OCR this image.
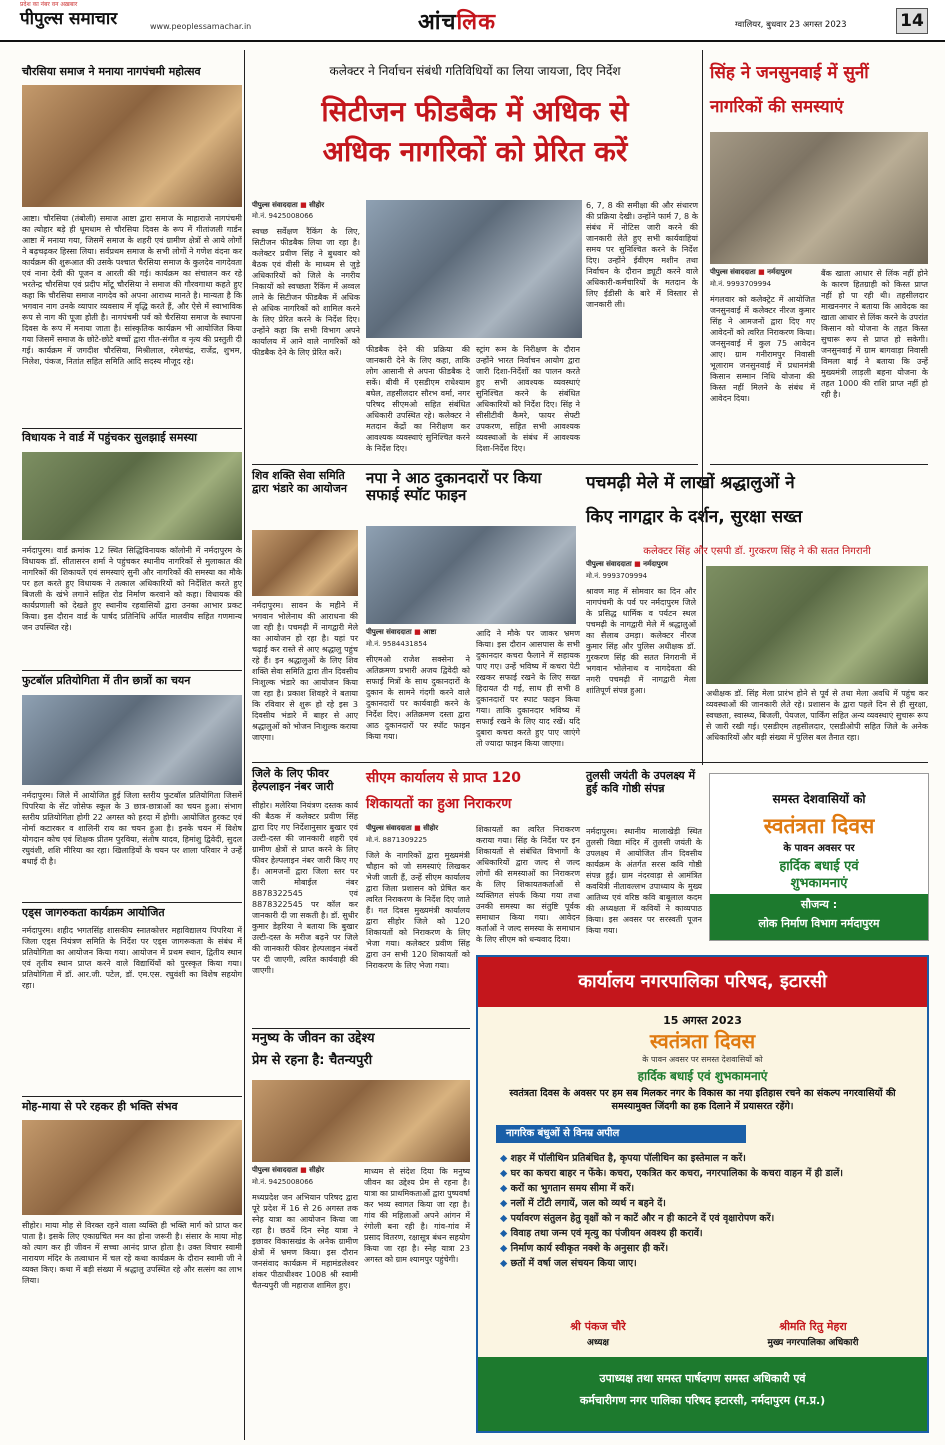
प्रदेश का नंबर वन अख़बार
पीपुल्स समाचार	www.peoplessamachar.in	आंचलिक	ग्वालियर, बुधवार 23 अगस्त 2023	14
चौरसिया समाज ने मनाया नागपंचमी महोत्सव
आष्टा। चौरसिया (तंबोली) समाज आष्टा द्वारा समाज के माहाराजे नागपंचमी का त्योहार बड़े ही धूमधाम से चौरसिया दिवस के रूप में गीतांजली गार्डन आष्टा में मनाया गया, जिसमें समाज के शहरी एवं ग्रामीण क्षेत्रों से आये लोगों ने बढ़चढ़कर हिस्सा लिया। सर्वप्रथम समाज के सभी लोगों ने गणेश वंदना कर कार्यक्रम की शुरूआत की उसके पश्चात चैरसिया समाज के कुलदेव नागदेवता एवं नाना देवी की पूजन व आरती की गई। कार्यक्रम का संचालन कर रहे भरतेन्द्र चौरसिया एवं प्रदीप मोंटू चौरसिया ने समाज की गौरवगाथा कहते हुए कहा कि चौरसिया समाज नागदेव को अपना आराध्य मानते है। मान्यता है कि भगवान नाग उनके व्यापार व्यवसाय में वृद्धि करते हैं, और ऐसे में स्वाभाविक रूप से नाग की पूजा होती है। नागपंचमी पर्व को चैरसिया समाज के स्थापना दिवस के रूप में मनाया जाता है। सांस्कृतिक कार्यक्रम भी आयोजित किया गया जिसमें समाज के छोटे-छोटे बच्चों द्वारा गीत-संगीत व नृत्य की प्रस्तुती दी गई। कार्यक्रम में जगदीश चौरसिया, मिश्रीलाल, रमेशचंद्र, राजेंद्र, शुभम, निलेश, पंकज, नितांत सहित समिति आदि सदस्य मौजूद रहे।
विधायक ने वार्ड में पहुंचकर सुलझाई समस्या
नर्मदापुरम। वार्ड क्रमांक 12 स्थित सिद्धिविनायक कॉलोनी में नर्मदापुरम के विधायक डॉ. सीतासरन शर्मा ने पहुंचकर स्थानीय नागरिकों से मुलाकात की नागरिकों की शिकायतें एवं समस्याएं सुनी और नागरिकों की समस्या का मौके पर हल करते हुए विधायक ने तत्काल अधिकारियों को निर्देशित करते हुए बिजली के खंभे लगाने सहित रोड निर्माण करवाने को कहा। विधायक की कार्यप्रणाली को देखते हुए स्थानीय रहवासियों द्वारा उनका आभार प्रकट किया। इस दौरान वार्ड के पार्षद प्रतिनिधि अर्पित मालवीय सहित गणमान्य जन उपस्थित रहे।
फुटबॉल प्रतियोगिता में तीन छात्रों का चयन
नर्मदापुरम। जिले में आयोजित हुई जिला स्तरीय फुटबॉल प्रतियोगिता जिसमें पिपरिया के सेंट जोसेफ स्कूल के 3 छात्र-छात्राओं का चयन हुआ। संभाग स्तरीय प्रतियोगिता होगी 22 अगस्त को हरदा में होगी। आयोजित हुरकट एवं नोर्मा कटारकर व शालिनी राय का चयन हुआ है। इनके चयन में विशेष योगदान कोच एवं शिक्षक प्रीतम पुरविया, संतोष यादव, हिमांशु द्विवेदी, सुदल रघुवंशी, शशि मीरिया का रहा। खिलाड़ियों के चयन पर शाला परिवार ने उन्हें बधाई दी है।
एड्स जागरुकता कार्यक्रम आयोजित
नर्मदापुरम। शहीद भगतसिंह शासकीय स्नातकोत्तर महाविद्यालय पिपरिया में जिला एड्स नियंत्रण समिति के निर्देश पर एड्स जागरूकता के संबंध में प्रतियोगिता का आयोजन किया गया। आयोजन में प्रथम स्थान, द्वितीय स्थान एवं तृतीय स्थान प्राप्त करने वाले विद्यार्थियों को पुरस्कृत किया गया। प्रतियोगिता में डॉ. आर.जी. पटेल, डॉ. एम.एस. रघुवंशी का विशेष सहयोग रहा।
मोह-माया से परे रहकर ही भक्ति संभव
सीहोर। माया मोह से विरक्त रहने वाला व्यक्ति ही भक्ति मार्ग को प्राप्त कर पाता है। इसके लिए एकाग्रचित मन का होना जरूरी है। संसार के माया मोह को त्याग कर ही जीवन में सच्चा आनंद प्राप्त होता है। उक्त विचार स्वामी नारायण मंदिर के तत्वाधान में चल रहे कथा कार्यक्रम के दौरान स्वामी जी ने व्यक्त किए। कथा में बड़ी संख्या में श्रद्धालु उपस्थित रहे और सत्संग का लाभ लिया।
कलेक्टर ने निर्वाचन संबंधी गतिविधियों का लिया जायजा, दिए निर्देश
सिटीजन फीडबैक में अधिक से
अधिक नागरिकों को प्रेरित करें
पीपुल्स संवाददाता ■ सीहोर
मो.नं. 9425008066
स्वच्छ सर्वेक्षण रैंकिंग के लिए, सिटीजन फीडबैक लिया जा रहा है। कलेक्टर प्रवीण सिंह ने बुधवार को बैठक एवं वीसी के माध्यम से जुड़े अधिकारियों को जिले के नगरीय निकायों को स्वच्छता रैंकिंग में अव्वल लाने के सिटीजन फीडबैक में अधिक से अधिक नागरिकों को शामिल करने के लिए प्रेरित करने के निर्देश दिए। उन्होंने कहा कि सभी विभाग अपने कार्यालय में आने वाले नागरिकों को फीडबैक देने के लिए प्रेरित करें।	फीडबैक देने की प्रक्रिया की जानकारी देने के लिए कहा, ताकि लोग आसानी से अपना फीडबैक दे सकें। बीवी में एसडीएम राधेश्याम बघेल, तहसीलदार सौरभ वर्मा, नगर परिषद सीएमओ सहित संबंधित अधिकारी उपस्थित रहे। कलेक्टर ने मतदान केंद्रों का निरीक्षण कर आवश्यक व्यवस्थाएं सुनिश्चित करने के निर्देश दिए।
स्ट्रांग रूम के निरीक्षण के दौरान उन्होंने भारत निर्वाचन आयोग द्वारा जारी दिशा-निर्देशों का पालन करते हुए सभी आवश्यक व्यवस्थाएं सुनिश्चित करने के संबंधित अधिकारियों को निर्देश दिए। सिंह ने सीसीटीवी कैमरे, फायर सेफ्टी उपकरण, सहित सभी आवश्यक व्यवस्थाओं के संबंध में आवश्यक दिशा-निर्देश दिए।
6, 7, 8 की समीक्षा की और संधारण की प्रक्रिया देखी। उन्होंने फार्म 7, 8 के संबंध में नोटिस जारी करने की जानकारी लेते हुए सभी कार्यवाहियां समय पर सुनिश्चित करने के निर्देश दिए। उन्होंने ईवीएम मशीन तथा निर्वाचन के दौरान ड्यूटी करने वाले अधिकारी-कर्मचारियों के मतदान के लिए ईडीसी के बारे में विस्तार से जानकारी ली।
सिंह ने जनसुनवाई में सुनीं
नागरिकों की समस्याएं
पीपुल्स संवाददाता ■ नर्मदापुरम
मो.नं. 9993709994
मंगलवार को कलेक्ट्रेट में आयोजित जनसुनवाई में कलेक्टर नीरज कुमार सिंह ने आमजनों द्वारा दिए गए आवेदनों को त्वरित निराकरण किया। जनसुनवाई में कुल 75 आवेदन आए। ग्राम गनीरामपुर निवासी भूलाराम जनसुनवाई में प्रधानमंत्री किसान सम्मान निधि योजना की किस्त नहीं मिलने के संबंध में आवेदन दिया।
बैंक खाता आधार से लिंक नहीं होने के कारण हितग्राही को किस्त प्राप्त नहीं हो पा रही थी। तहसीलदार माखननगर ने बताया कि आवेदक का खाता आधार से लिंक करने के उपरांत किसान को योजना के तहत किस्त सुचारू रूप से प्राप्त हो सकेगी। जनसुनवाई में ग्राम बागवाड़ा निवासी विमला बाई ने बताया कि उन्हें मुख्यमंत्री लाड़ली बहना योजना के तहत 1000 की राशि प्राप्त नहीं हो रही है।
शिव शक्ति सेवा समिति द्वारा भंडारे का आयोजन
नर्मदापुरम। सावन के महीने में भगवान भोलेनाथ की आराधना की जा रही है। पचमढ़ी में नागद्वारी मेले का आयोजन हो रहा है। यहां पर चढ़ाई कर रास्ते से आए श्रद्धालु पहुंच रहे हैं। इन श्रद्धालुओं के लिए शिव शक्ति सेवा समिति द्वारा तीन दिवसीय निःशुल्क भंडारे का आयोजन किया जा रहा है। प्रकाश शिवहरे ने बताया कि रविवार से शुरू हो रहे इस 3 दिवसीय भंडारे में बाहर से आए श्रद्धालुओं को भोजन निःशुल्क कराया जाएगा।
नपा ने आठ दुकानदारों पर किया सफाई स्पॉट फाइन
पीपुल्स संवाददाता ■ आष्टा
मो.नं. 9584431854
सीएमओ राजेश सक्सेना ने अतिक्रमण प्रभारी अजय द्विवेदी को सफाई मित्रों के साथ दुकानदारों के दुकान के सामने गंदगी करने वाले दुकानदारों पर कार्यवाही करने के निर्देश दिए। अतिक्रमण दस्ता द्वारा आठ दुकानदारों पर स्पॉट फाइन किया गया।
आदि ने मौके पर जाकर भ्रमण किया। इस दौरान आसपास के सभी दुकानदार कचरा फैलाने में सहायक पाए गए। उन्हें भविष्य में कचरा पेटी रखकर सफाई रखने के लिए सख्त हिदायत दी गई, साथ ही सभी 8 दुकानदारों पर स्पाट फाइन किया गया। ताकि दुकानदार भविष्य में सफाई रखने के लिए याद रखें। यदि दुबारा कचरा करते हुए पाए जाएंगे तो ज्यादा फाइन किया जाएगा।
पचमढ़ी मेले में लाखों श्रद्धालुओं ने
किए नागद्वार के दर्शन, सुरक्षा सख्त
कलेक्टर सिंह और एसपी डॉ. गुरकरण सिंह ने की सतत निगरानी
पीपुल्स संवाददाता ■ नर्मदापुरम
मो.नं. 9993709994
श्रावण माह में सोमवार का दिन और नागपंचमी के पर्व पर नर्मदापुरम जिले के प्रसिद्ध धार्मिक व पर्यटन स्थल पचमढ़ी के नागद्वारी मेले में श्रद्धालुओं का सैलाब उमड़ा। कलेक्टर नीरज कुमार सिंह और पुलिस अधीक्षक डॉ. गुरकरण सिंह की सतत निगरानी में भगवान भोलेनाथ व नागदेवता की नगरी पचमढ़ी में नागद्वारी मेला शांतिपूर्ण संपन्न हुआ।	अधीक्षक डॉ. सिंह मेला प्रारंभ होने से पूर्व से तथा मेला अवधि में पहुंच कर व्यवस्थाओं की जानकारी लेते रहे। प्रशासन के द्वारा पहले दिन से ही सुरक्षा, स्वच्छता, स्वास्थ्य, बिजली, पेयजल, पार्किंग सहित अन्य व्यवस्थाएं सुचारू रूप से जारी रखी गई। एसडीएम तहसीलदार, एसडीओपी सहित जिले के अनेक अधिकारियों और बड़ी संख्या में पुलिस बल तैनात रहा।
जिले के लिए फीवर हेल्पलाइन नंबर जारी
सीहोर। मलेरिया नियंत्रण दस्तक कार्य की बैठक में कलेक्टर प्रवीण सिंह द्वारा दिए गए निर्देशानुसार बुखार एवं उल्टी-दस्त की जानकारी शहरी एवं ग्रामीण क्षेत्रों से प्राप्त करने के लिए फीवर हेल्पलाइन नंबर जारी किए गए हैं। आमजनों द्वारा जिला स्तर पर जारी मोबाईल नंबर 8878322545 एवं 8878322545 पर कॉल कर जानकारी दी जा सकती है। डॉ. सुधीर कुमार डेहरिया ने बताया कि बुखार उल्टी-दस्त के मरीज बढ़ने पर जिले की जानकारी फीवर हेल्पलाइन नंबरों पर दी जाएगी, त्वरित कार्यवाही की जाएगी।
सीएम कार्यालय से प्राप्त 120
शिकायतों का हुआ निराकरण
पीपुल्स संवाददाता ■ सीहोर
मो.नं. 8871309225
जिले के नागरिकों द्वारा मुख्यमंत्री चौहान को जो समस्याएं लिखकर भेजी जाती हैं, उन्हें सीएम कार्यालय द्वारा जिला प्रशासन को प्रेषित कर त्वरित निराकरण के निर्देश दिए जाते हैं। गत दिवस मुख्यमंत्री कार्यालय द्वारा सीहोर जिले को 120 शिकायतों को निराकरण के लिए भेजा गया। कलेक्टर प्रवीण सिंह द्वारा उन सभी 120 शिकायतों को निराकरण के लिए भेजा गया।
शिकायतों का त्वरित निराकरण कराया गया। सिंह के निर्देश पर इन शिकायतों से संबंधित विभागों के अधिकारियों द्वारा जल्द से जल्द लोगों की समस्याओं का निराकरण के लिए शिकायतकर्ताओं से व्यक्तिगत संपर्क किया गया तथा उनकी समस्या का संतुष्टि पूर्वक समाधान किया गया। आवेदन कर्ताओं ने जल्द समस्या के समाधान के लिए सीएम को धन्यवाद दिया।
तुलसी जयंती के उपलक्ष्य में हुई कवि गोष्ठी संपन्न
नर्मदापुरम। स्थानीय मालाखेड़ी स्थित तुलसी विद्या मंदिर में तुलसी जयंती के उपलक्ष्य में आयोजित तीन दिवसीय कार्यक्रम के अंतर्गत सरस कवि गोष्ठी संपन्न हुई। ग्राम नंदरवाड़ा से आमंत्रित कवयित्री नीतावल्लभ उपाध्याय के मुख्य आतिथ्य एवं वरिष्ठ कवि बाबूलाल कदम की अध्यक्षता में कवियों ने काव्यपाठ किया। इस अवसर पर सरस्वती पूजन किया गया।
समस्त देशवासियों को
स्वतंत्रता दिवस
के पावन अवसर पर
हार्दिक बधाई एवं
शुभकामनाएं
सौजन्य :
लोक निर्माण विभाग नर्मदापुरम
मनुष्य के जीवन का उद्देश्य
प्रेम से रहना है: चैतन्यपुरी
पीपुल्स संवाददाता ■ सीहोर
मो.नं. 9425008066
मध्यप्रदेश जन अभियान परिषद द्वारा पूरे प्रदेश में 16 से 26 अगस्त तक स्नेह यात्रा का आयोजन किया जा रहा है। छठवें दिन स्नेह यात्रा ने इछावर विकासखंड के अनेक ग्रामीण क्षेत्रों में भ्रमण किया। इस दौरान जनसंवाद कार्यक्रम में महामंडलेश्वर शंकर पीठाधीश्वर 1008 श्री स्वामी चैतन्यपुरी जी महाराज शामिल हुए।
माध्यम से संदेश दिया कि मनुष्य जीवन का उद्देश्य प्रेम से रहना है। यात्रा का प्राथमिकताओं द्वारा पुष्पवर्षा कर भव्य स्वागत किया जा रहा है। गांव की महिलाओं अपने आंगन में रंगोली बना रही है। गांव-गांव में प्रसाद वितरण, रक्षासूत्र बंधन सहयोग किया जा रहा है। स्नेह यात्रा 23 अगस्त को ग्राम श्यामपुर पहुंचेगी।
कार्यालय नगरपालिका परिषद, इटारसी
15 अगस्त 2023
स्वतंत्रता दिवस
के पावन अवसर पर समस्त देशवासियों को
हार्दिक बधाई एवं शुभकामनाएं
स्वतंत्रता दिवस के अवसर पर हम सब मिलकर नगर के विकास का नया इतिहास रचने का संकल्प नगरवासियों की समस्यामुक्त जिंदगी का हक दिलाने में प्रयासरत रहेंगे।
नागरिक बंधुओं से विनम्र अपील
◆ शहर में पॉलीथिन प्रतिबंधित है, कृपया पॉलीथिन का इस्तेमाल न करें।
◆ घर का कचरा बाहर न फेंके। कचरा, एकत्रित कर कचरा, नगरपालिका के कचरा वाहन में ही डालें।
◆ करों का भुगतान समय सीमा में करें।
◆ नलों में टोंटी लगायें, जल को व्यर्थ न बहने दें।
◆ पर्यावरण संतुलन हेतु वृक्षों को न काटें और न ही काटने दें एवं वृक्षारोपण करें।
◆ विवाह तथा जन्म एवं मृत्यु का पंजीयन अवश्य ही करावें।
◆ निर्माण कार्य स्वीकृत नक्शे के अनुसार ही करें।
◆ छतों में वर्षा जल संचयन किया जाए।
श्री पंकज चौरे
अध्यक्ष
श्रीमति रितु मेहरा
मुख्य नगरपालिका अधिकारी
उपाध्यक्ष तथा समस्त पार्षदगण समस्त अधिकारी एवं
कर्मचारीगण नगर पालिका परिषद इटारसी, नर्मदापुरम (म.प्र.)
